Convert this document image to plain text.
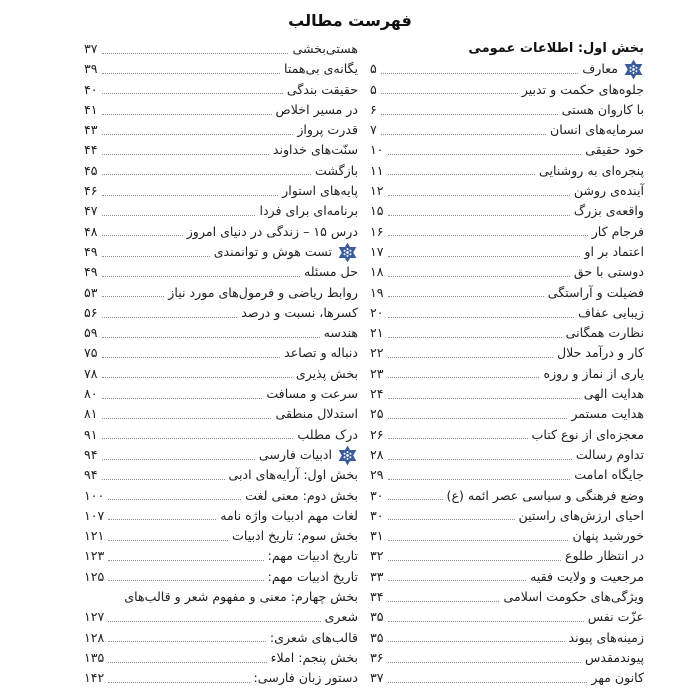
فهرست مطالب
بخش اول: اطلاعات عمومی
معارف
۵
جلوه‌های حکمت و تدبیر
۵
با کاروان هستی
۶
سرمایه‌های انسان
۷
خود حقیقی
۱۰
پنجره‌ای به روشنایی
۱۱
آینده‌ی روشن
۱۲
واقعه‌ی بزرگ
۱۵
فرجام کار
۱۶
اعتماد بر او
۱۷
دوستی با حق
۱۸
فضیلت و آراستگی
۱۹
زیبایی عفاف
۲۰
نظارت همگانی
۲۱
کار و درآمد حلال
۲۲
یاری از نماز و روزه
۲۳
هدایت الهی
۲۴
هدایت مستمر
۲۵
معجزه‌ای از نوع کتاب
۲۶
تداوم رسالت
۲۸
جایگاه امامت
۲۹
وضع فرهنگی و سیاسی عصر ائمه (ع)
۳۰
احیای ارزش‌های راستین
۳۰
خورشید پنهان
۳۱
در انتظار طلوع
۳۲
مرجعیت و ولایت فقیه
۳۳
ویژگی‌های حکومت اسلامی
۳۴
عزّت نفس
۳۵
زمینه‌های پیوند
۳۵
پیوندمقدس
۳۶
کانون مهر
۳۷
هستی‌بخشی
۳۷
یگانه‌ی بی‌همتا
۳۹
حقیقت بندگی
۴۰
در مسیر اخلاص
۴۱
قدرت پرواز
۴۳
سنّت‌های خداوند
۴۴
بازگشت
۴۵
پایه‌های استوار
۴۶
برنامه‌ای برای فردا
۴۷
درس ۱۵ – زندگی در دنیای امروز
۴۸
تست هوش و توانمندی
۴۹
حل مسئله
۴۹
روابط ریاضی و فرمول‌های مورد نیاز
۵۳
کسرها، نسبت و درصد
۵۶
هندسه
۵۹
دنباله و تصاعد
۷۵
بخش پذیری
۷۸
سرعت و مسافت
۸۰
استدلال منطقی
۸۱
درک مطلب
۹۱
ادبیات فارسی
۹۴
بخش اول: آرایه‌های ادبی
۹۴
بخش دوم: معنی لغت
۱۰۰
لغات مهم ادبیات واژه نامه
۱۰۷
بخش سوم: تاریخ ادبیات
۱۲۱
تاریخ ادبیات مهم:
۱۲۳
تاریخ ادبیات مهم:
۱۲۵
بخش چهارم: معنی و مفهوم شعر و قالب‌های
شعری
۱۲۷
قالب‌های شعری:
۱۲۸
بخش پنجم: املاء
۱۳۵
دستور زبان فارسی:
۱۴۲
